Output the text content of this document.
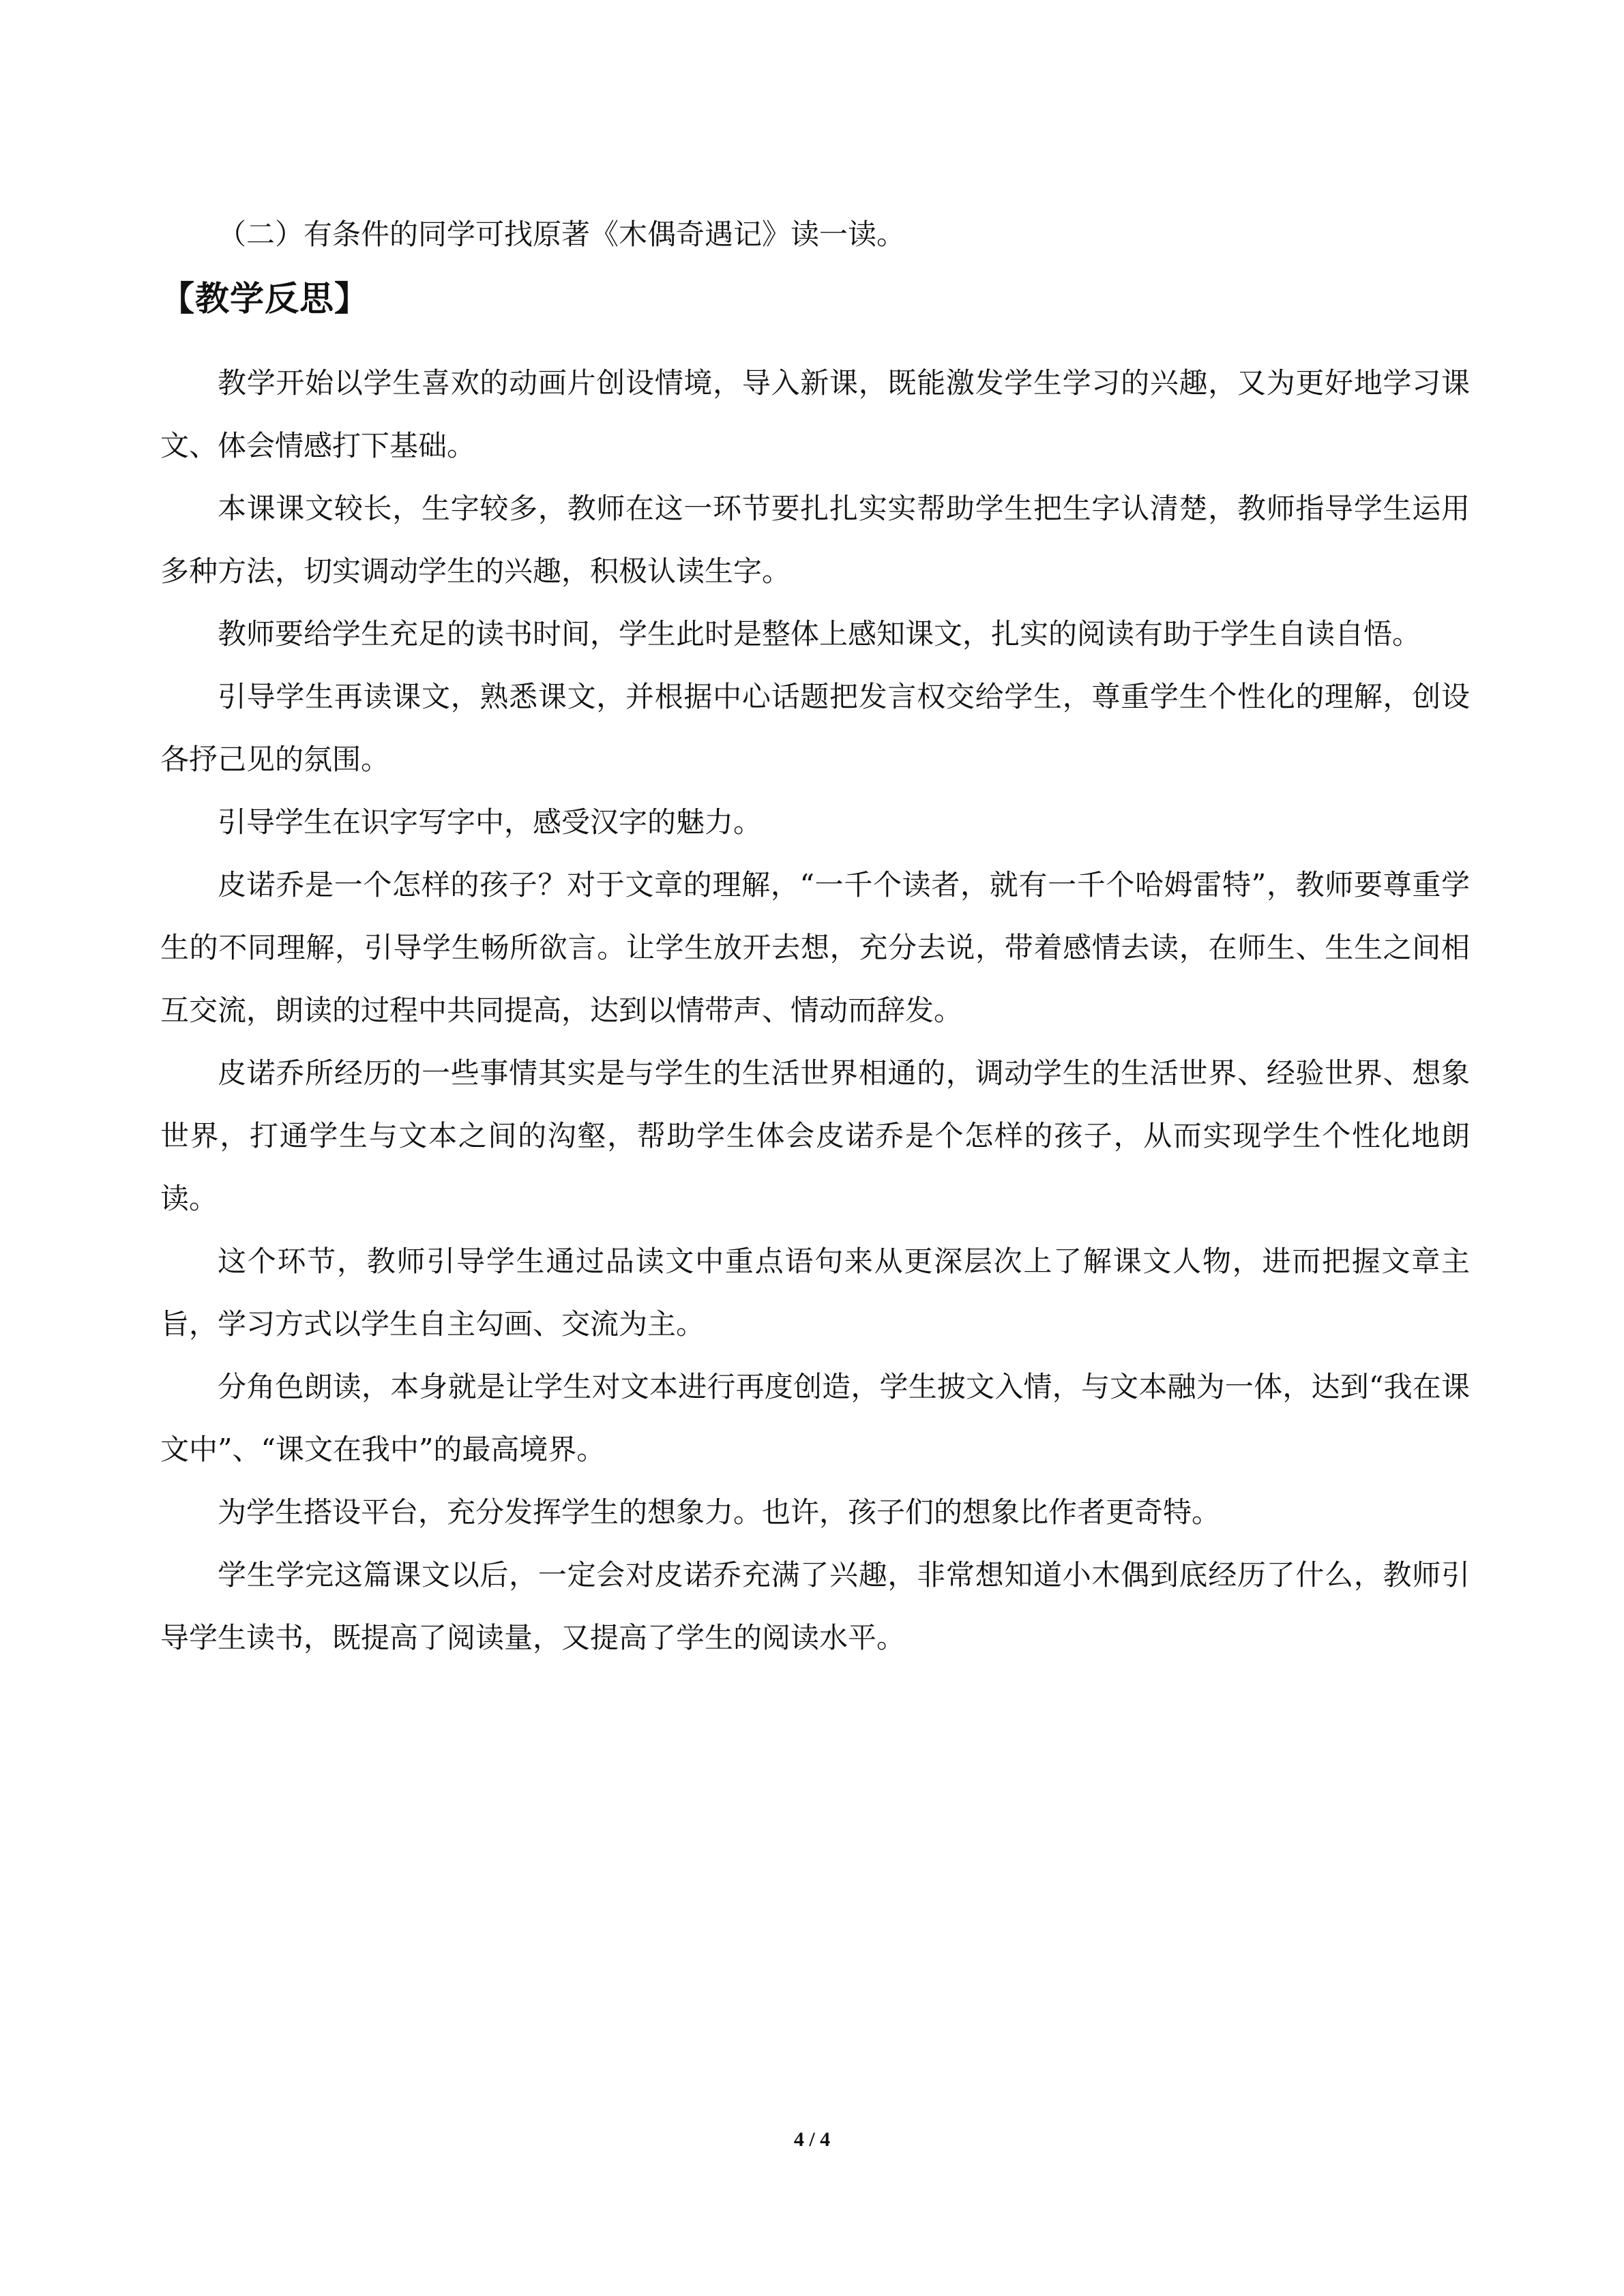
（二）有条件的同学可找原著《木偶奇遇记》读一读。

【教学反思】

教学开始以学生喜欢的动画片创设情境，导入新课，既能激发学生学习的兴趣，又为更好地学习课文、体会情感打下基础。

本课课文较长，生字较多，教师在这一环节要扎扎实实帮助学生把生字认清楚，教师指导学生运用多种方法，切实调动学生的兴趣，积极认读生字。

教师要给学生充足的读书时间，学生此时是整体上感知课文，扎实的阅读有助于学生自读自悟。

引导学生再读课文，熟悉课文，并根据中心话题把发言权交给学生，尊重学生个性化的理解，创设各抒己见的氛围。

引导学生在识字写字中，感受汉字的魅力。

皮诺乔是一个怎样的孩子？对于文章的理解，“一千个读者，就有一千个哈姆雷特”，教师要尊重学生的不同理解，引导学生畅所欲言。让学生放开去想，充分去说，带着感情去读，在师生、生生之间相互交流，朗读的过程中共同提高，达到以情带声、情动而辞发。

皮诺乔所经历的一些事情其实是与学生的生活世界相通的，调动学生的生活世界、经验世界、想象世界，打通学生与文本之间的沟壑，帮助学生体会皮诺乔是个怎样的孩子，从而实现学生个性化地朗读。

这个环节，教师引导学生通过品读文中重点语句来从更深层次上了解课文人物，进而把握文章主旨，学习方式以学生自主勾画、交流为主。

分角色朗读，本身就是让学生对文本进行再度创造，学生披文入情，与文本融为一体，达到“我在课文中”、“课文在我中”的最高境界。

为学生搭设平台，充分发挥学生的想象力。也许，孩子们的想象比作者更奇特。

学生学完这篇课文以后，一定会对皮诺乔充满了兴趣，非常想知道小木偶到底经历了什么，教师引导学生读书，既提高了阅读量，又提高了学生的阅读水平。

4 / 4
